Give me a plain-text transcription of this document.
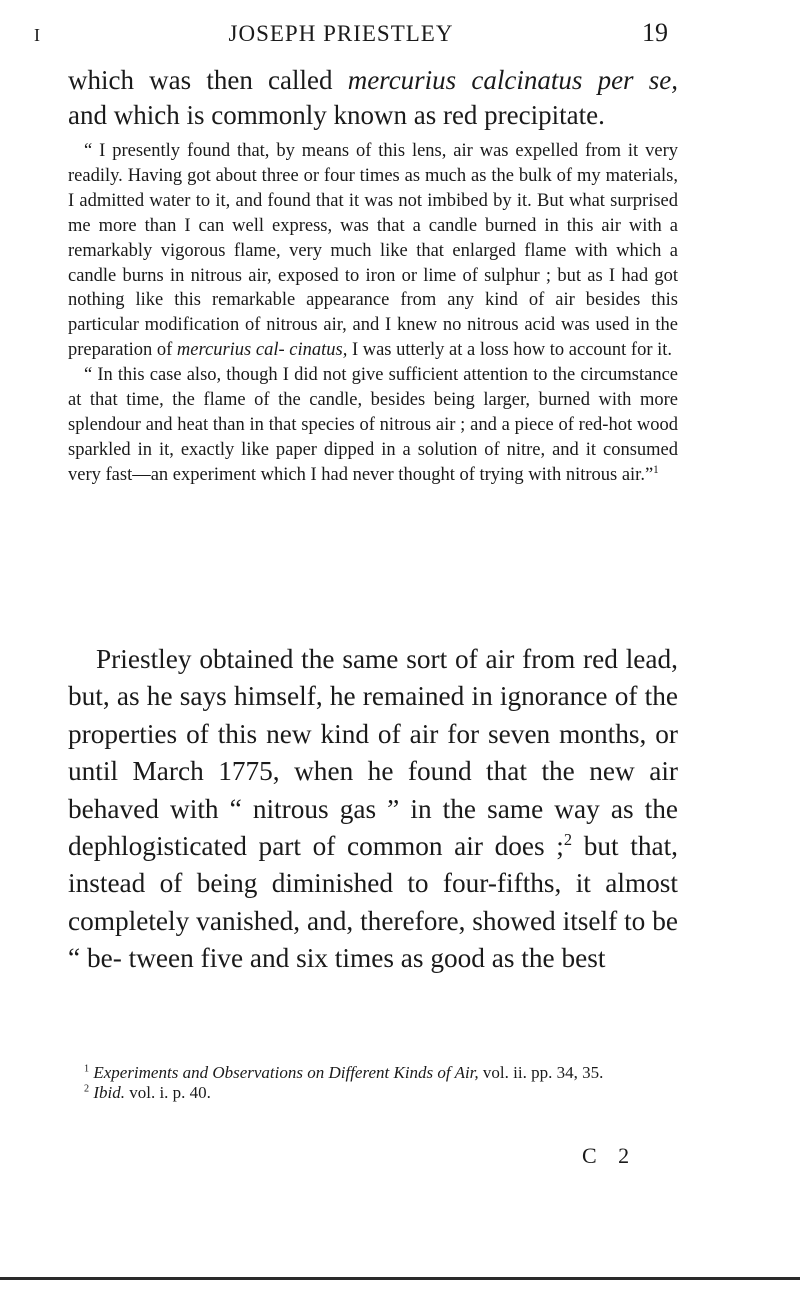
I	JOSEPH PRIESTLEY	19
which was then called mercurius calcinatus per se,
and which is commonly known as red precipitate.

“ I presently found that, by means of this lens, air was expelled from it very readily. Having got about three or four times as much as the bulk of my materials, I admitted water to it, and found that it was not imbibed by it. But what surprised me more than I can well express, was that a candle burned in this air with a remarkably vigorous flame, very much like that enlarged flame with which a candle burns in nitrous air, exposed to iron or lime of sulphur ; but as I had got nothing like this remarkable appearance from any kind of air besides this particular modification of nitrous air, and I knew no nitrous acid was used in the preparation of mercurius cal- cinatus, I was utterly at a loss how to account for it.

“ In this case also, though I did not give sufficient attention to the circumstance at that time, the flame of the candle, besides being larger, burned with more splendour and heat than in that species of nitrous air ; and a piece of red-hot wood sparkled in it, exactly like paper dipped in a solution of nitre, and it consumed very fast—an experiment which I had never thought of trying with nitrous air.”$^1$

Priestley obtained the same sort of air from red lead, but, as he says himself, he remained in ignorance of the properties of this new kind of air for seven months, or until March 1775, when he found that the new air behaved with “ nitrous gas ” in the same way as the dephlogisticated part of common air does ;$^2$ but that, instead of being diminished to four-fifths, it almost completely vanished, and, therefore, showed itself to be “ be- tween five and six times as good as the best

$^1$ Experiments and Observations on Different Kinds of Air, vol. ii. pp. 34, 35.

$^2$ Ibid. vol. i. p. 40.

C 2
